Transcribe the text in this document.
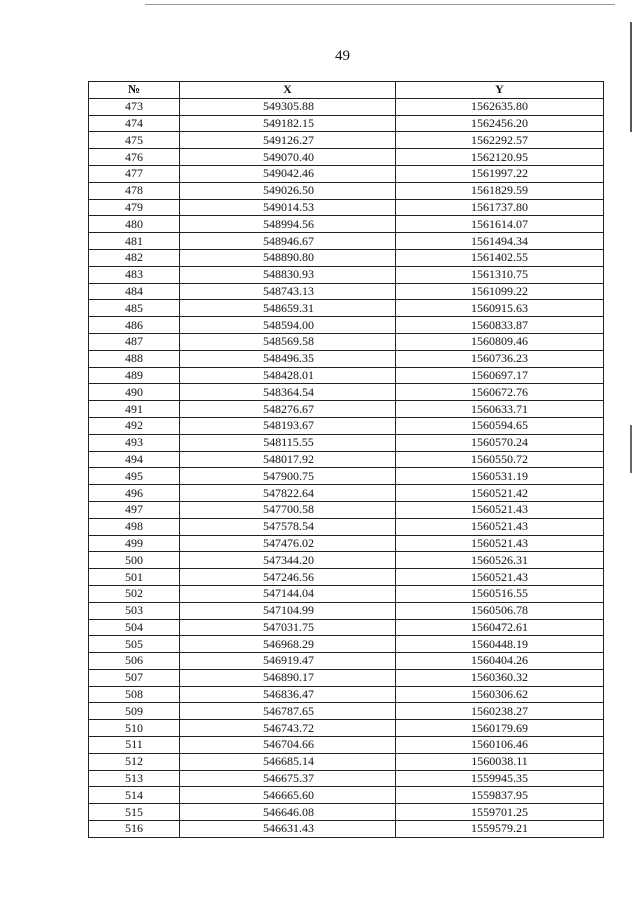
49
№	X	Y
473	549305.88	1562635.80
474	549182.15	1562456.20
475	549126.27	1562292.57
476	549070.40	1562120.95
477	549042.46	1561997.22
478	549026.50	1561829.59
479	549014.53	1561737.80
480	548994.56	1561614.07
481	548946.67	1561494.34
482	548890.80	1561402.55
483	548830.93	1561310.75
484	548743.13	1561099.22
485	548659.31	1560915.63
486	548594.00	1560833.87
487	548569.58	1560809.46
488	548496.35	1560736.23
489	548428.01	1560697.17
490	548364.54	1560672.76
491	548276.67	1560633.71
492	548193.67	1560594.65
493	548115.55	1560570.24
494	548017.92	1560550.72
495	547900.75	1560531.19
496	547822.64	1560521.42
497	547700.58	1560521.43
498	547578.54	1560521.43
499	547476.02	1560521.43
500	547344.20	1560526.31
501	547246.56	1560521.43
502	547144.04	1560516.55
503	547104.99	1560506.78
504	547031.75	1560472.61
505	546968.29	1560448.19
506	546919.47	1560404.26
507	546890.17	1560360.32
508	546836.47	1560306.62
509	546787.65	1560238.27
510	546743.72	1560179.69
511	546704.66	1560106.46
512	546685.14	1560038.11
513	546675.37	1559945.35
514	546665.60	1559837.95
515	546646.08	1559701.25
516	546631.43	1559579.21
